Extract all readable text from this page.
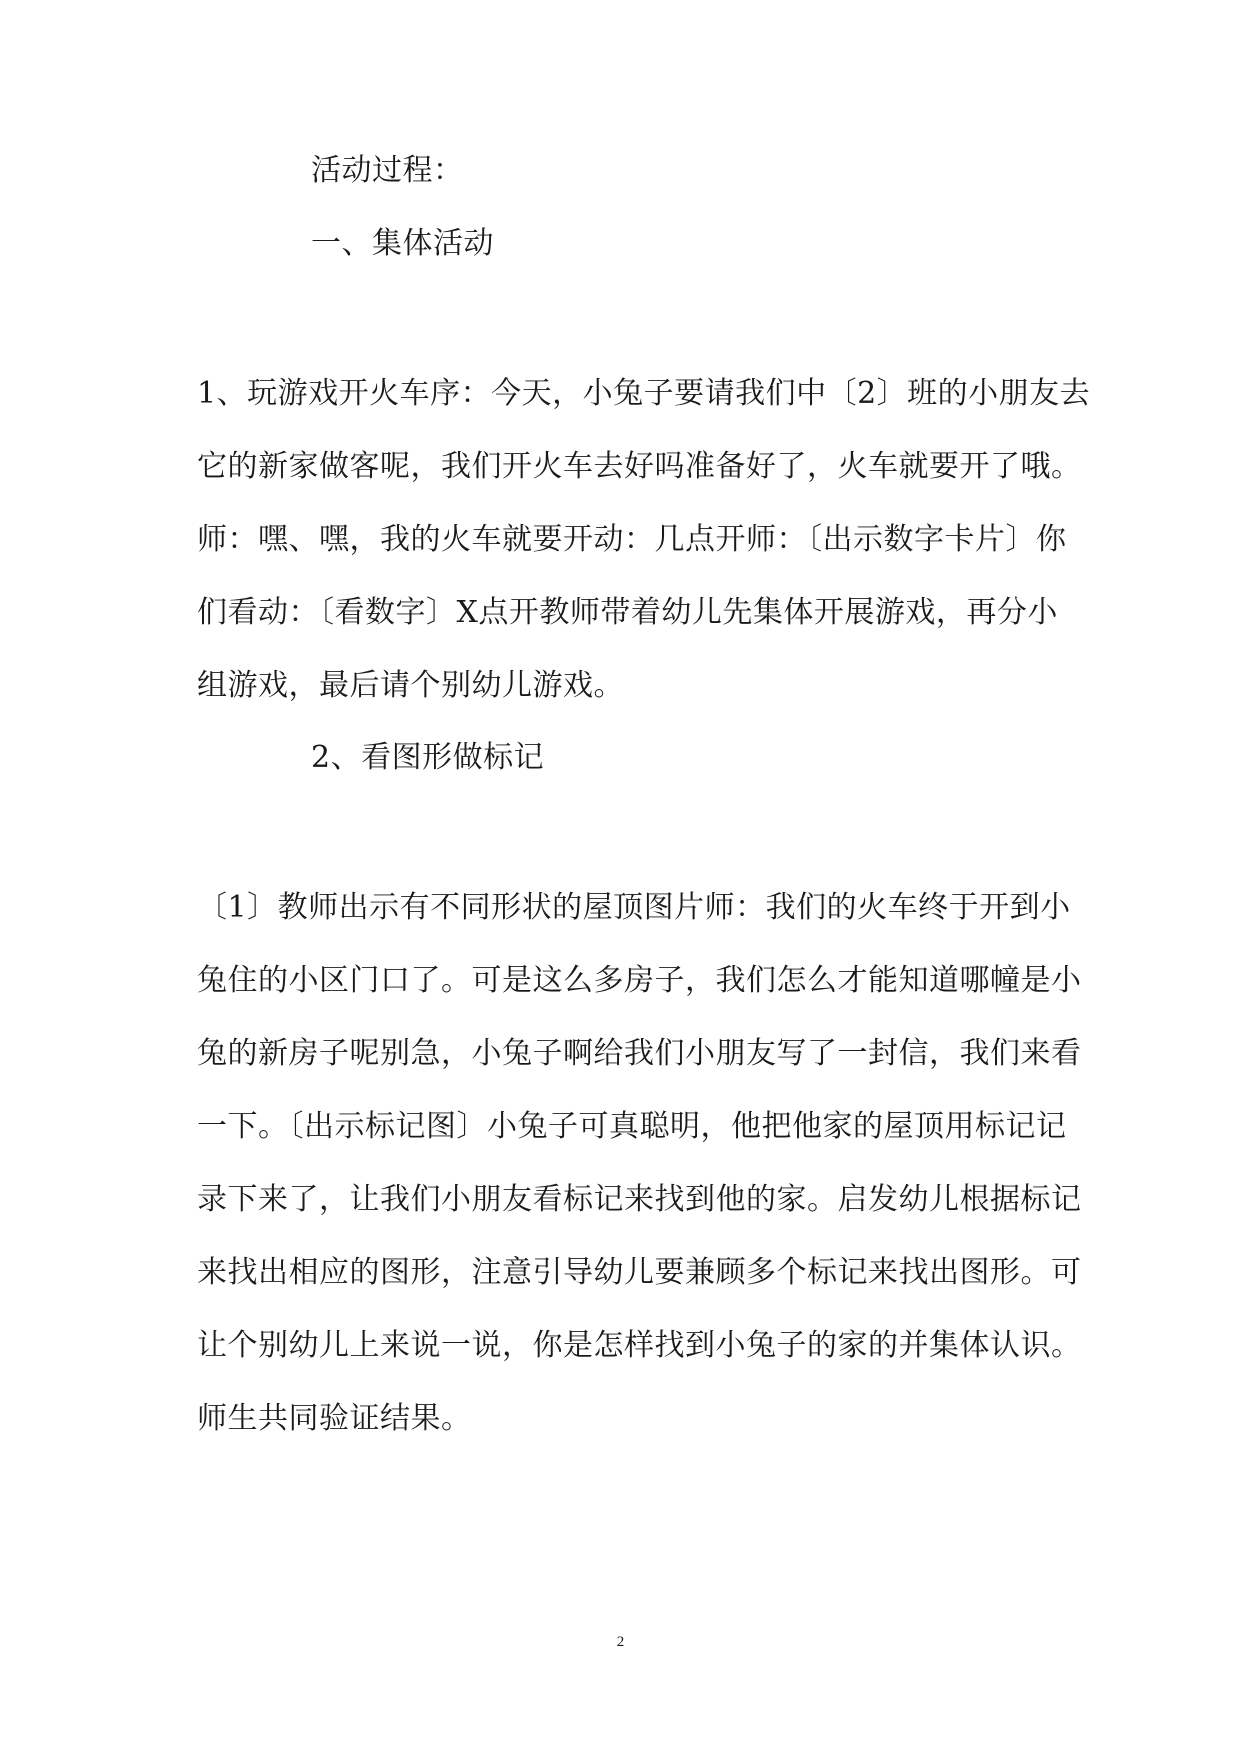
活动过程：
一、集体活动
1、玩游戏开火车序：今天，小兔子要请我们中〔2〕班的小朋友去
它的新家做客呢，我们开火车去好吗准备好了，火车就要开了哦。
师：嘿、嘿，我的火车就要开动：几点开师：〔出示数字卡片〕你
们看动：〔看数字〕X点开教师带着幼儿先集体开展游戏，再分小
组游戏，最后请个别幼儿游戏。
2、看图形做标记
〔1〕教师出示有不同形状的屋顶图片师：我们的火车终于开到小
兔住的小区门口了。可是这么多房子，我们怎么才能知道哪幢是小
兔的新房子呢别急，小兔子啊给我们小朋友写了一封信，我们来看
一下。〔出示标记图〕小兔子可真聪明，他把他家的屋顶用标记记
录下来了，让我们小朋友看标记来找到他的家。启发幼儿根据标记
来找出相应的图形，注意引导幼儿要兼顾多个标记来找出图形。可
让个别幼儿上来说一说，你是怎样找到小兔子的家的并集体认识。
师生共同验证结果。
2
